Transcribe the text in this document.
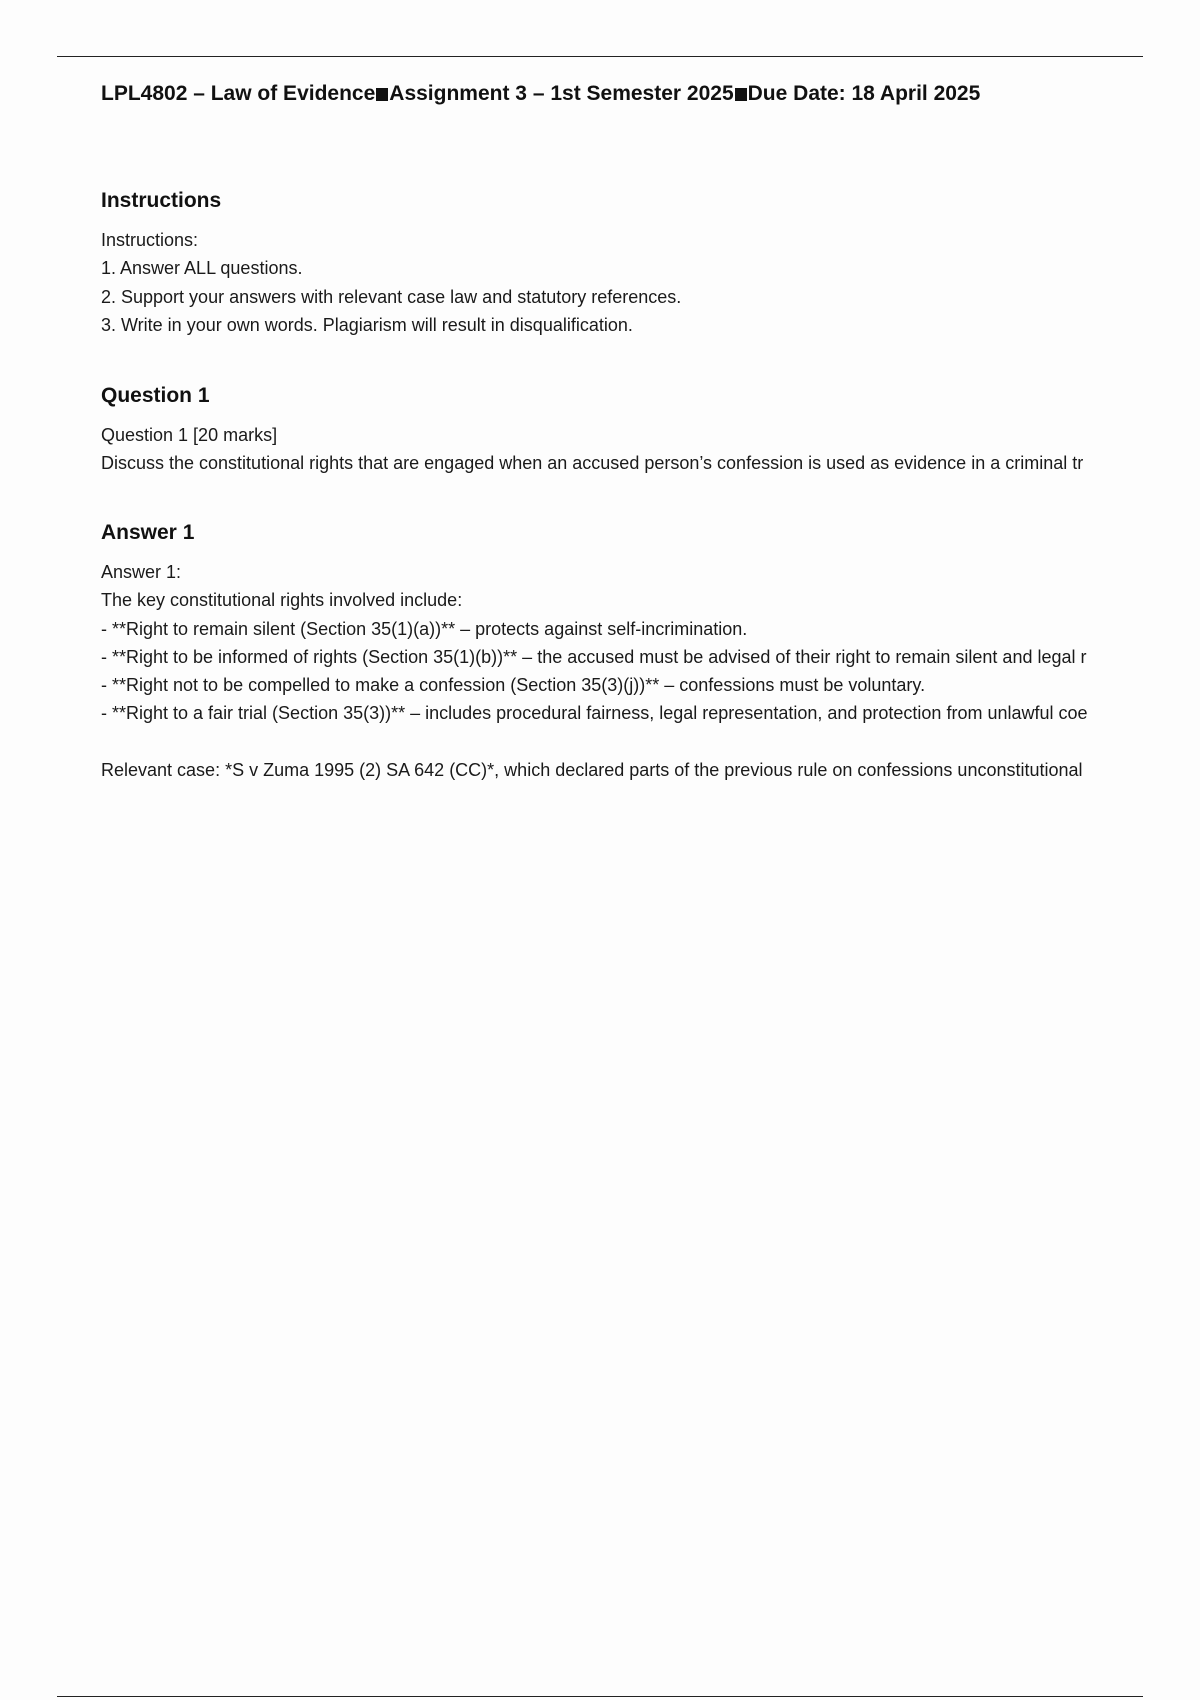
LPL4802 – Law of Evidence Assignment 3 – 1st Semester 2025 Due Date: 18 April 2025

Instructions

Instructions:

1. Answer ALL questions.

2. Support your answers with relevant case law and statutory references.

3. Write in your own words. Plagiarism will result in disqualification.

Question 1

Question 1 [20 marks]

Discuss the constitutional rights that are engaged when an accused person’s confession is used as evidence in a criminal tr

Answer 1

Answer 1:

The key constitutional rights involved include:

- **Right to remain silent (Section 35(1)(a))** – protects against self-incrimination.

- **Right to be informed of rights (Section 35(1)(b))** – the accused must be advised of their right to remain silent and legal r

- **Right not to be compelled to make a confession (Section 35(3)(j))** – confessions must be voluntary.

- **Right to a fair trial (Section 35(3))** – includes procedural fairness, legal representation, and protection from unlawful coe

Relevant case: *S v Zuma 1995 (2) SA 642 (CC)*, which declared parts of the previous rule on confessions unconstitutional
